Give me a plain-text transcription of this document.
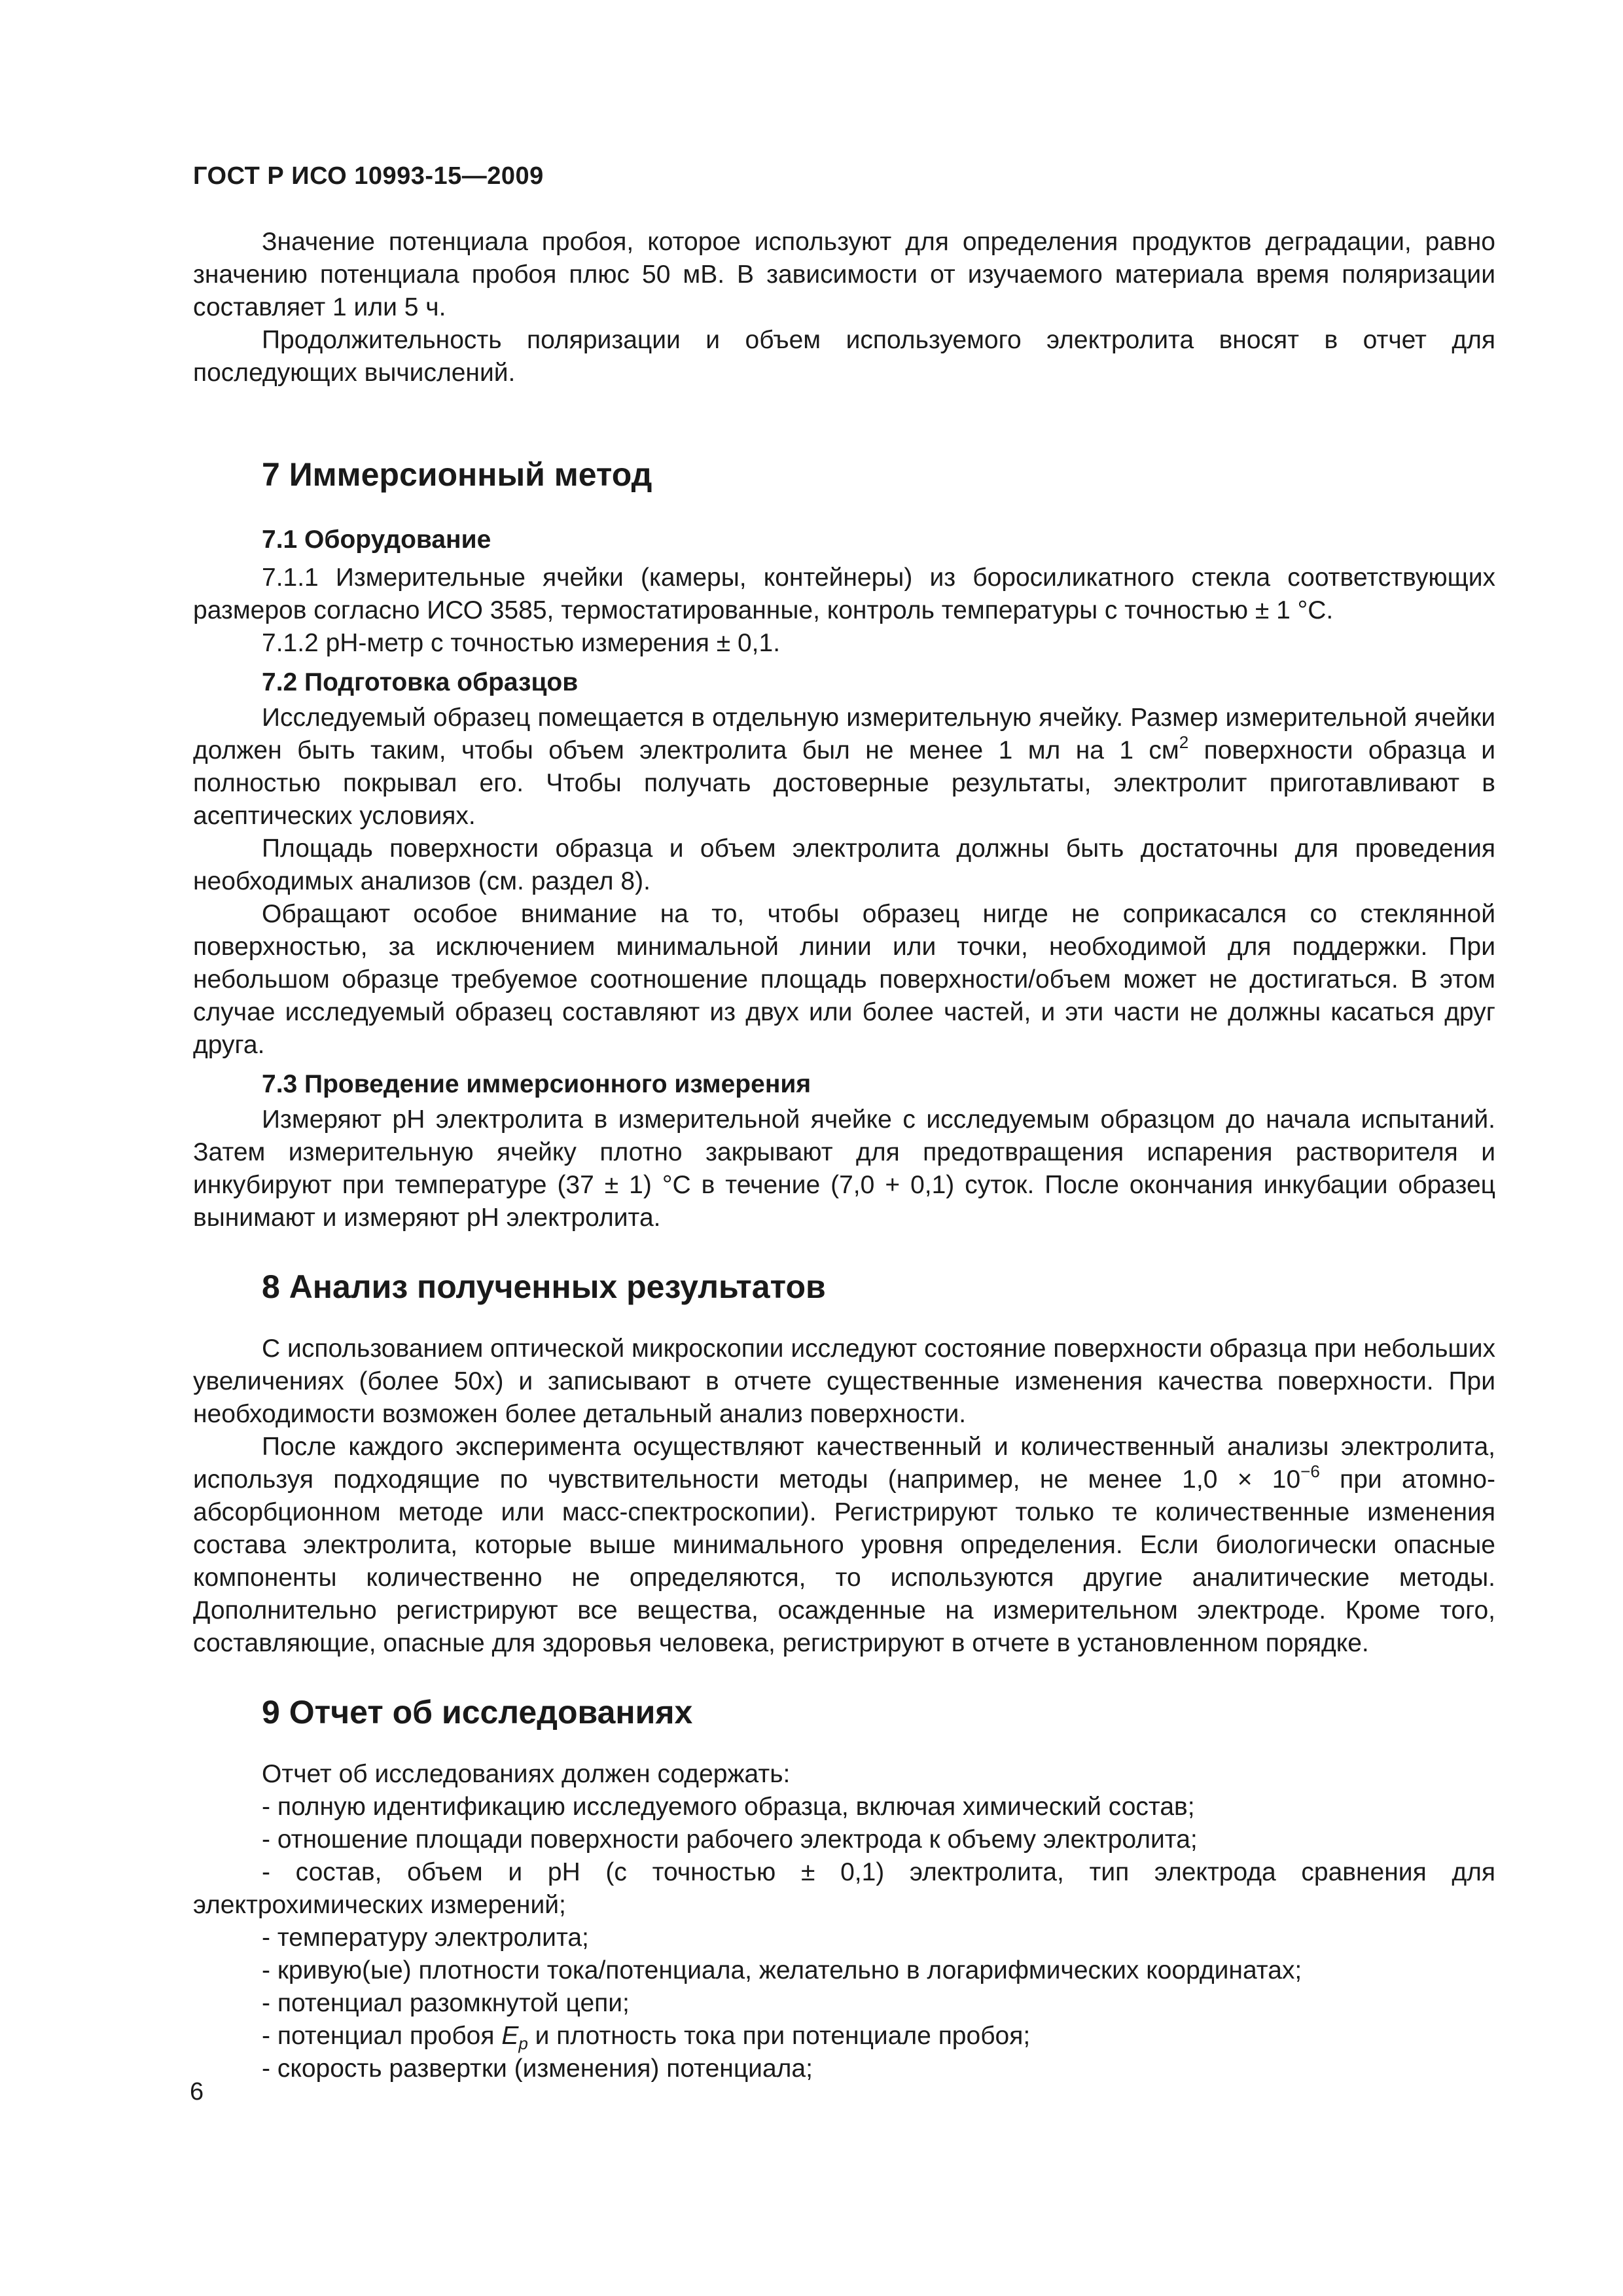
ГОСТ Р ИСО 10993-15—2009

Значение потенциала пробоя, которое используют для определения продуктов деградации, равно значению потенциала пробоя плюс 50 мВ. В зависимости от изучаемого материала время поляризации составляет 1 или 5 ч.

Продолжительность поляризации и объем используемого электролита вносят в отчет для последующих вычислений.

7 Иммерсионный метод
7.1 Оборудование

7.1.1 Измерительные ячейки (камеры, контейнеры) из боросиликатного стекла соответствующих размеров согласно ИСО 3585, термостатированные, контроль температуры с точностью ± 1 °С.

7.1.2 рН-метр с точностью измерения ± 0,1.

7.2 Подготовка образцов

Исследуемый образец помещается в отдельную измерительную ячейку. Размер измерительной ячейки должен быть таким, чтобы объем электролита был не менее 1 мл на 1 $см^2$ поверхности образца и полностью покрывал его. Чтобы получать достоверные результаты, электролит приготавливают в асептических условиях.

Площадь поверхности образца и объем электролита должны быть достаточны для проведения необходимых анализов (см. раздел 8).

Обращают особое внимание на то, чтобы образец нигде не соприкасался со стеклянной поверхностью, за исключением минимальной линии или точки, необходимой для поддержки. При небольшом образце требуемое соотношение площадь поверхности/объем может не достигаться. В этом случае исследуемый образец составляют из двух или более частей, и эти части не должны касаться друг друга.

7.3 Проведение иммерсионного измерения

Измеряют рН электролита в измерительной ячейке с исследуемым образцом до начала испытаний. Затем измерительную ячейку плотно закрывают для предотвращения испарения растворителя и инкубируют при температуре (37 ± 1) °С в течение (7,0 + 0,1) суток. После окончания инкубации образец вынимают и измеряют рН электролита.

8 Анализ полученных результатов

С использованием оптической микроскопии исследуют состояние поверхности образца при небольших увеличениях (более 50х) и записывают в отчете существенные изменения качества поверхности. При необходимости возможен более детальный анализ поверхности.

После каждого эксперимента осуществляют качественный и количественный анализы электролита, используя подходящие по чувствительности методы (например, не менее $1,0 \times 10^{-6}$ при атомно-абсорбционном методе или масс-спектроскопии). Регистрируют только те количественные изменения состава электролита, которые выше минимального уровня определения. Если биологически опасные компоненты количественно не определяются, то используются другие аналитические методы. Дополнительно регистрируют все вещества, осажденные на измерительном электроде. Кроме того, составляющие, опасные для здоровья человека, регистрируют в отчете в установленном порядке.

9 Отчет об исследованиях

Отчет об исследованиях должен содержать:

- полную идентификацию исследуемого образца, включая химический состав;

- отношение площади поверхности рабочего электрода к объему электролита;

- состав, объем и рН (с точностью ± 0,1) электролита, тип электрода сравнения для электрохимических измерений;

- температуру электролита;

- кривую(ые) плотности тока/потенциала, желательно в логарифмических координатах;

- потенциал разомкнутой цепи;

- потенциал пробоя $E_p$ и плотность тока при потенциале пробоя;

- скорость развертки (изменения) потенциала;

6
